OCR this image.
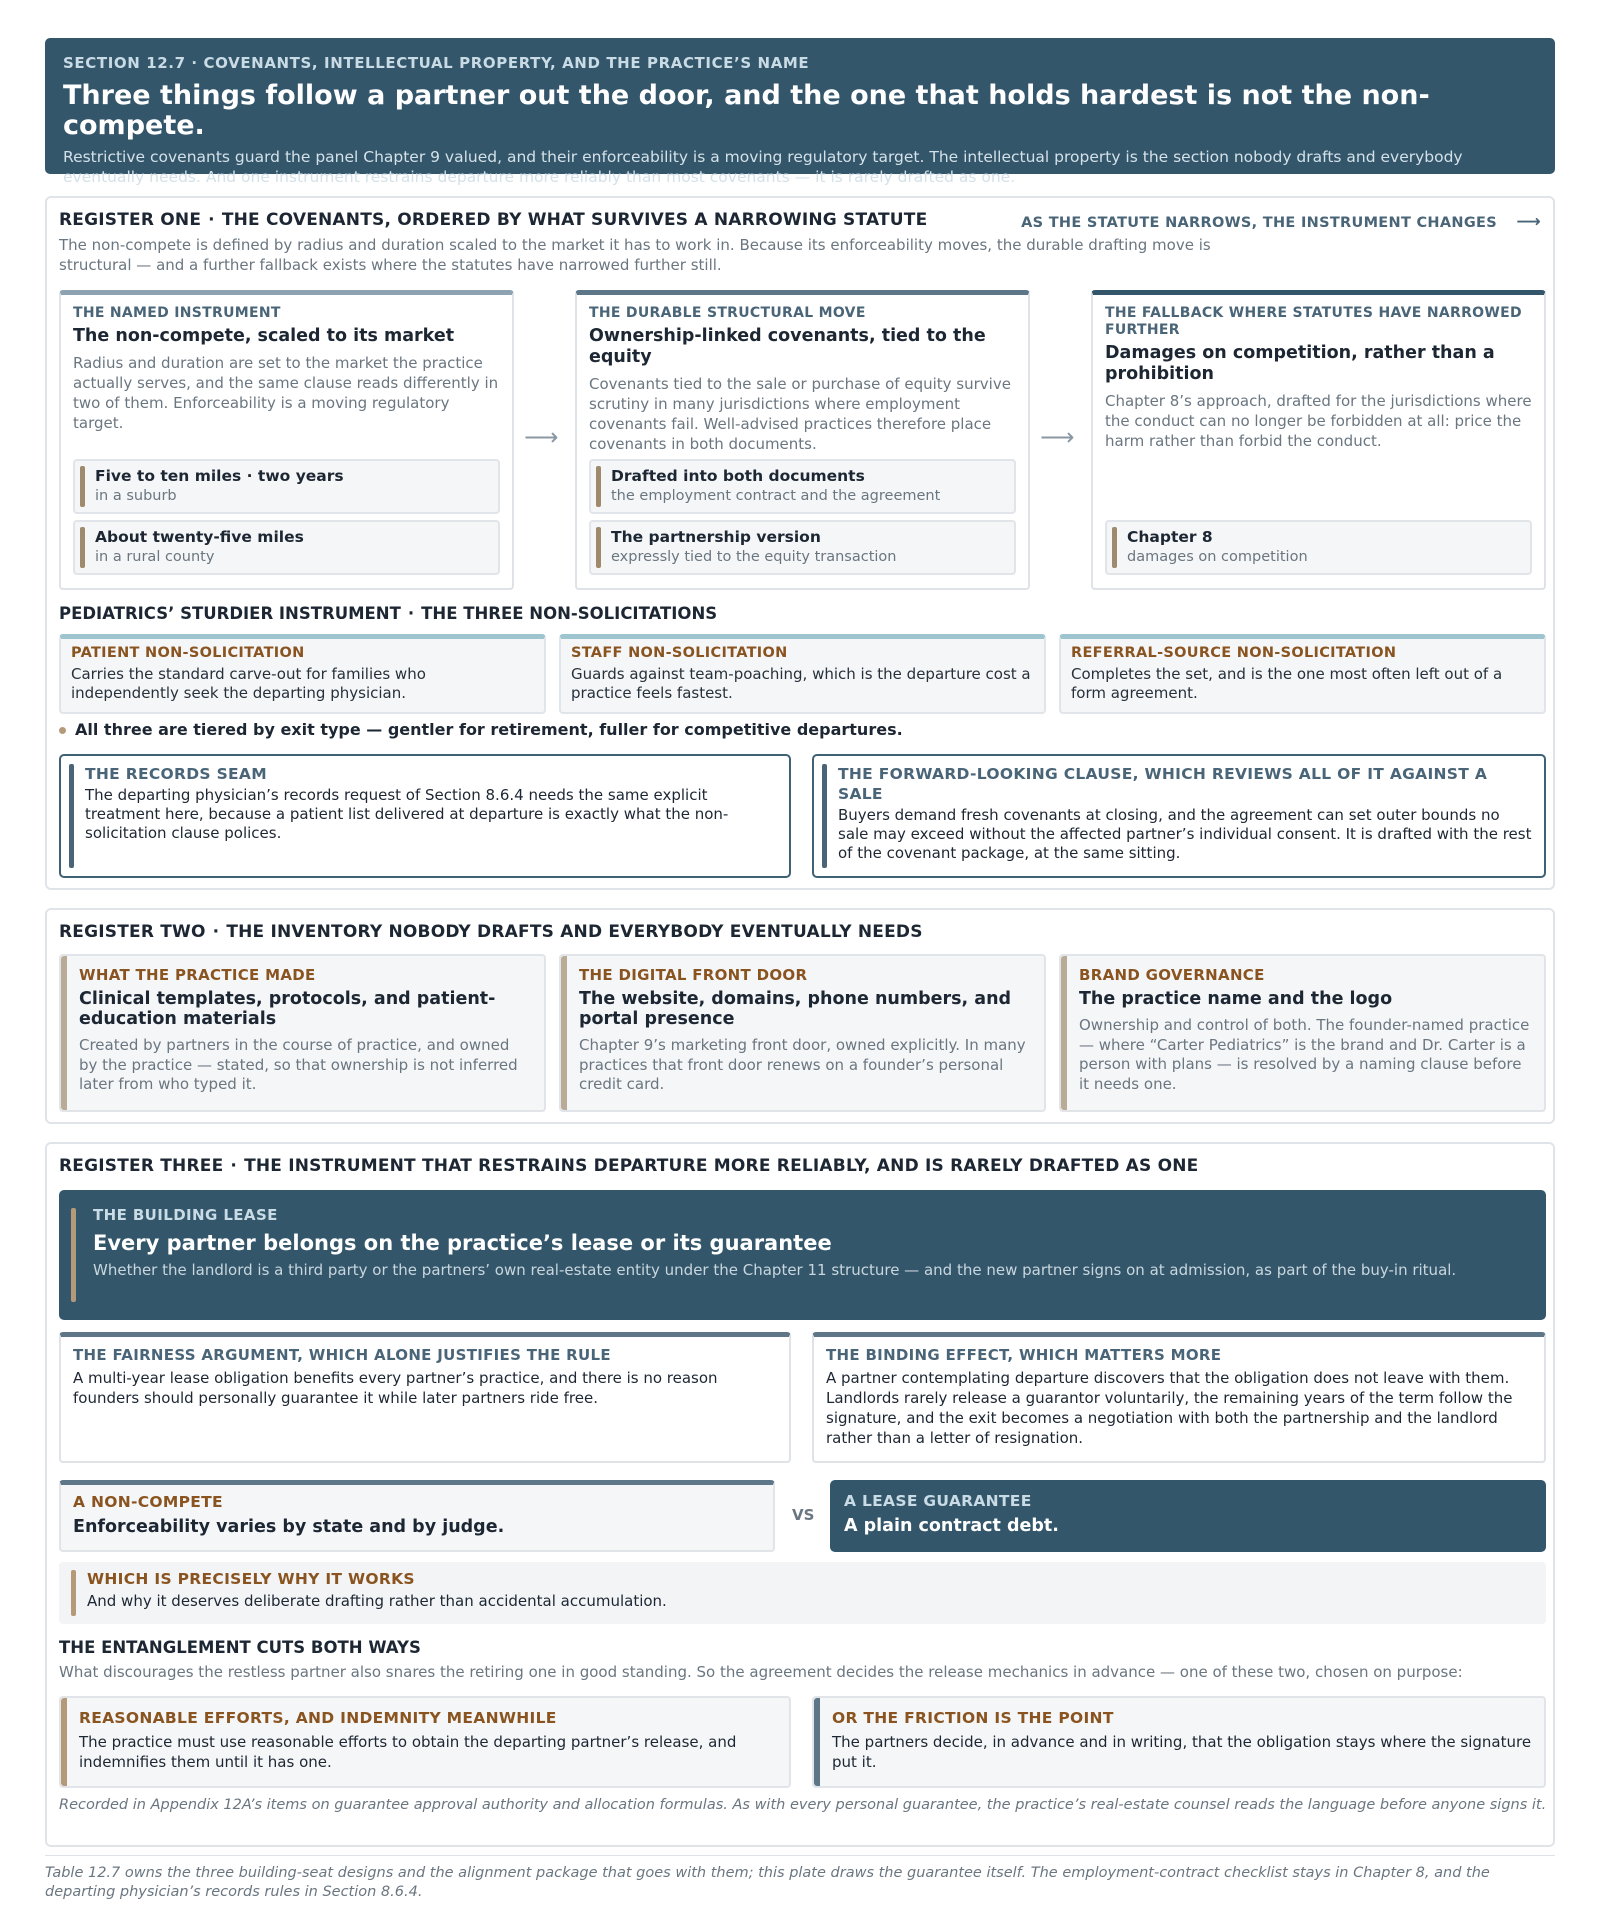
SECTION 12.7 · COVENANTS, INTELLECTUAL PROPERTY, AND THE PRACTICE’S NAME
Three things follow a partner out the door, and the one that holds hardest is not the non-compete.

Restrictive covenants guard the panel Chapter 9 valued, and their enforceability is a moving regulatory target. The intellectual property is the section nobody drafts and everybody eventually needs. And one instrument restrains departure more reliably than most covenants — it is rarely drafted as one.

REGISTER ONE · THE COVENANTS, ORDERED BY WHAT SURVIVES A NARROWING STATUTE	AS THE STATUTE NARROWS, THE INSTRUMENT CHANGES ⟶
The non-compete is defined by radius and duration scaled to the market it has to work in. Because its enforceability moves, the durable drafting move is structural — and a further fallback exists where the statutes have narrowed further still.
THE NAMED INSTRUMENT
The non-compete, scaled to its market

Radius and duration are set to the market the practice actually serves, and the same clause reads differently in two of them. Enforceability is a moving regulatory target.

Five to ten miles · two years
in a suburb
About twenty-five miles
in a rural county
⟶
THE DURABLE STRUCTURAL MOVE
Ownership-linked covenants, tied to the equity

Covenants tied to the sale or purchase of equity survive scrutiny in many jurisdictions where employment covenants fail. Well-advised practices therefore place covenants in both documents.

Drafted into both documents
the employment contract and the agreement
The partnership version
expressly tied to the equity transaction
⟶
THE FALLBACK WHERE STATUTES HAVE NARROWED FURTHER
Damages on competition, rather than a prohibition

Chapter 8’s approach, drafted for the jurisdictions where the conduct can no longer be forbidden at all: price the harm rather than forbid the conduct.

Chapter 8
damages on competition
PEDIATRICS’ STURDIER INSTRUMENT · THE THREE NON-SOLICITATIONS
PATIENT NON-SOLICITATION

Carries the standard carve-out for families who independently seek the departing physician.

STAFF NON-SOLICITATION

Guards against team-poaching, which is the departure cost a practice feels fastest.

REFERRAL-SOURCE NON-SOLICITATION

Completes the set, and is the one most often left out of a form agreement.

All three are tiered by exit type — gentler for retirement, fuller for competitive departures.
THE RECORDS SEAM

The departing physician’s records request of Section 8.6.4 needs the same explicit treatment here, because a patient list delivered at departure is exactly what the non-solicitation clause polices.

THE FORWARD-LOOKING CLAUSE, WHICH REVIEWS ALL OF IT AGAINST A SALE

Buyers demand fresh covenants at closing, and the agreement can set outer bounds no sale may exceed without the affected partner’s individual consent. It is drafted with the rest of the covenant package, at the same sitting.

REGISTER TWO · THE INVENTORY NOBODY DRAFTS AND EVERYBODY EVENTUALLY NEEDS
WHAT THE PRACTICE MADE
Clinical templates, protocols, and patient-education materials

Created by partners in the course of practice, and owned by the practice — stated, so that ownership is not inferred later from who typed it.

THE DIGITAL FRONT DOOR
The website, domains, phone numbers, and portal presence

Chapter 9’s marketing front door, owned explicitly. In many practices that front door renews on a founder’s personal credit card.

BRAND GOVERNANCE
The practice name and the logo

Ownership and control of both. The founder-named practice — where “Carter Pediatrics” is the brand and Dr. Carter is a person with plans — is resolved by a naming clause before it needs one.

REGISTER THREE · THE INSTRUMENT THAT RESTRAINS DEPARTURE MORE RELIABLY, AND IS RARELY DRAFTED AS ONE
THE BUILDING LEASE
Every partner belongs on the practice’s lease or its guarantee

Whether the landlord is a third party or the partners’ own real-estate entity under the Chapter 11 structure — and the new partner signs on at admission, as part of the buy-in ritual.

THE FAIRNESS ARGUMENT, WHICH ALONE JUSTIFIES THE RULE

A multi-year lease obligation benefits every partner’s practice, and there is no reason founders should personally guarantee it while later partners ride free.

THE BINDING EFFECT, WHICH MATTERS MORE

A partner contemplating departure discovers that the obligation does not leave with them. Landlords rarely release a guarantor voluntarily, the remaining years of the term follow the signature, and the exit becomes a negotiation with both the partnership and the landlord rather than a letter of resignation.

A NON-COMPETE
Enforceability varies by state and by judge.
VS
A LEASE GUARANTEE
A plain contract debt.
WHICH IS PRECISELY WHY IT WORKS

And why it deserves deliberate drafting rather than accidental accumulation.

THE ENTANGLEMENT CUTS BOTH WAYS
What discourages the restless partner also snares the retiring one in good standing. So the agreement decides the release mechanics in advance — one of these two, chosen on purpose:
REASONABLE EFFORTS, AND INDEMNITY MEANWHILE

The practice must use reasonable efforts to obtain the departing partner’s release, and indemnifies them until it has one.

OR THE FRICTION IS THE POINT

The partners decide, in advance and in writing, that the obligation stays where the signature put it.

Recorded in Appendix 12A’s items on guarantee approval authority and allocation formulas. As with every personal guarantee, the practice’s real-estate counsel reads the language before anyone signs it.
Table 12.7 owns the three building-seat designs and the alignment package that goes with them; this plate draws the guarantee itself. The employment-contract checklist stays in Chapter 8, and the departing physician’s records rules in Section 8.6.4.
